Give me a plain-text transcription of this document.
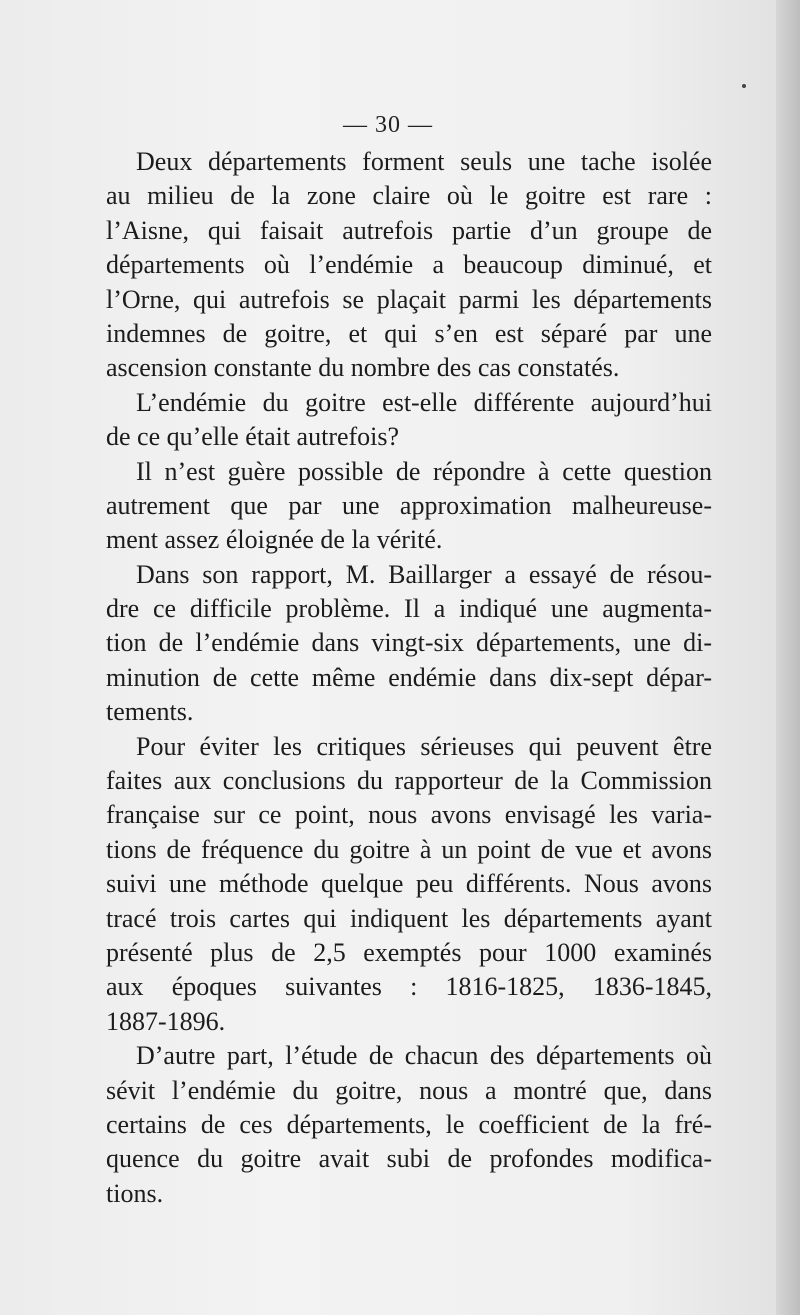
— 30 —
Deux départements forment seuls une tache isolée
au milieu de la zone claire où le goitre est rare :
l’Aisne, qui faisait autrefois partie d’un groupe de
départements où l’endémie a beaucoup diminué, et
l’Orne, qui autrefois se plaçait parmi les départements
indemnes de goitre, et qui s’en est séparé par une
ascension constante du nombre des cas constatés.
L’endémie du goitre est-elle différente aujourd’hui
de ce qu’elle était autrefois?
Il n’est guère possible de répondre à cette question
autrement que par une approximation malheureuse-
ment assez éloignée de la vérité.
Dans son rapport, M. Baillarger a essayé de résou-
dre ce difficile problème. Il a indiqué une augmenta-
tion de l’endémie dans vingt-six départements, une di-
minution de cette même endémie dans dix-sept dépar-
tements.
Pour éviter les critiques sérieuses qui peuvent être
faites aux conclusions du rapporteur de la Commission
française sur ce point, nous avons envisagé les varia-
tions de fréquence du goitre à un point de vue et avons
suivi une méthode quelque peu différents. Nous avons
tracé trois cartes qui indiquent les départements ayant
présenté plus de 2,5 exemptés pour 1000 examinés
aux époques suivantes : 1816-1825, 1836-1845,
1887-1896.
D’autre part, l’étude de chacun des départements où
sévit l’endémie du goitre, nous a montré que, dans
certains de ces départements, le coefficient de la fré-
quence du goitre avait subi de profondes modifica-
tions.
